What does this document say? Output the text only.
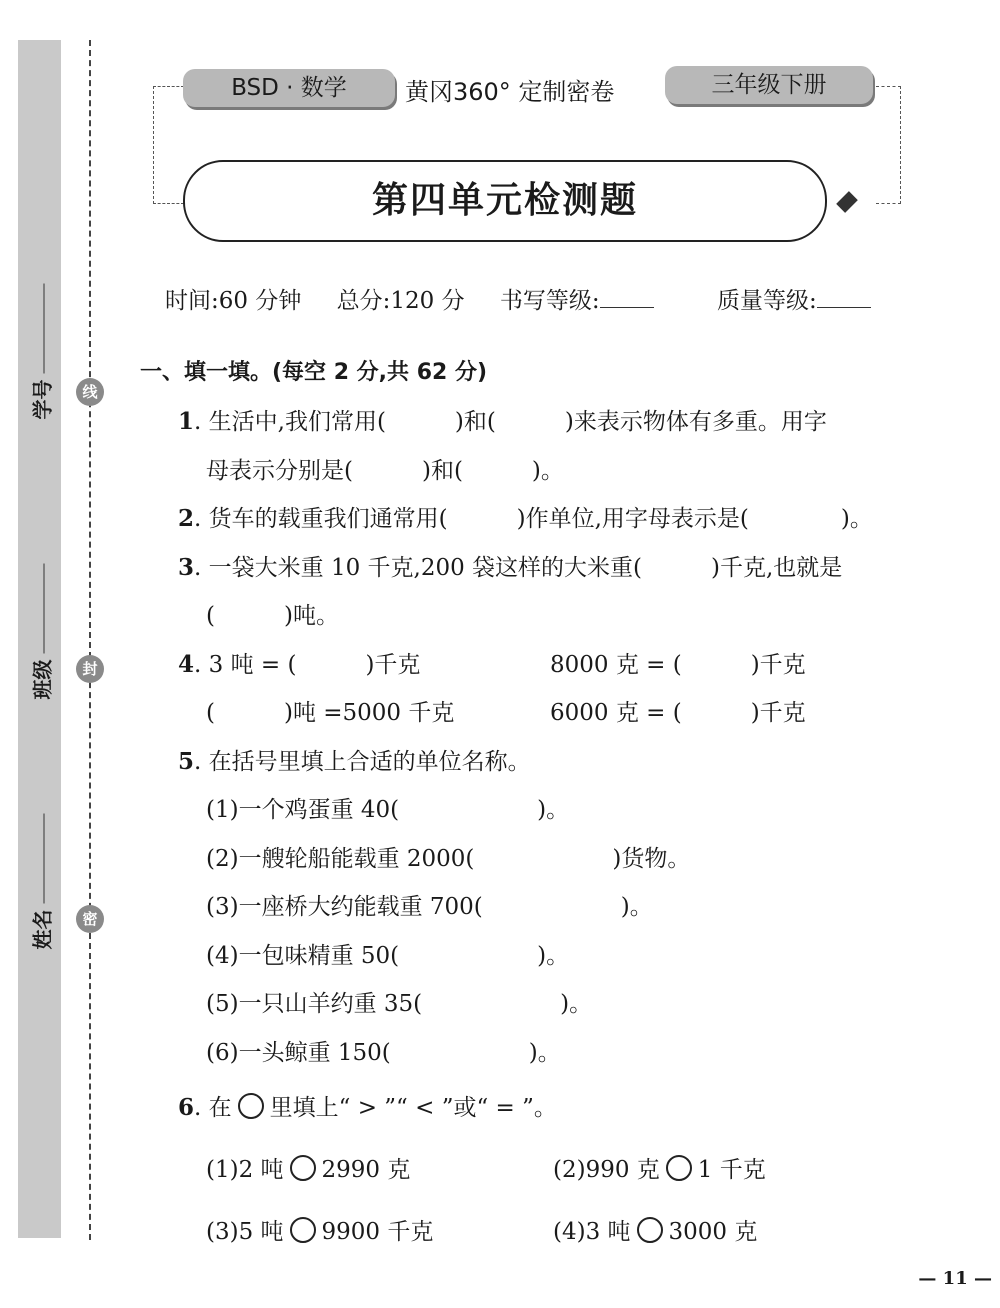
学号
班级
姓名
线
封
密
BSD · 数学	黄冈360° 定制密卷	三年级下册
第四单元检测题
时间:60 分钟 总分:120 分 书写等级:	质量等级:
一、填一填。(每空 2 分,共 62 分)
1. 生活中,我们常用(　　　)和(　　　)来表示物体有多重。用字
母表示分别是(　　　)和(　　　)。
2. 货车的载重我们通常用(　　　)作单位,用字母表示是(　　　　)。
3. 一袋大米重 10 千克,200 袋这样的大米重(　　　)千克,也就是
(　　　)吨。
4. 3 吨 = (　　　)千克	8000 克 = (　　　)千克
(　　　)吨 =5000 千克	6000 克 = (　　　)千克
5. 在括号里填上合适的单位名称。
(1)一个鸡蛋重 40(　　　　　　)。
(2)一艘轮船能载重 2000(　　　　　　)货物。
(3)一座桥大约能载重 700(　　　　　　)。
(4)一包味精重 50(　　　　　　)。
(5)一只山羊约重 35(　　　　　　)。
(6)一头鲸重 150(　　　　　　)。
6. 在 里填上“ > ”“ < ”或“ = ”。
(1)2 吨 2990 克	(2)990 克 1 千克
(3)5 吨 9900 千克	(4)3 吨 3000 克
— 11 —
